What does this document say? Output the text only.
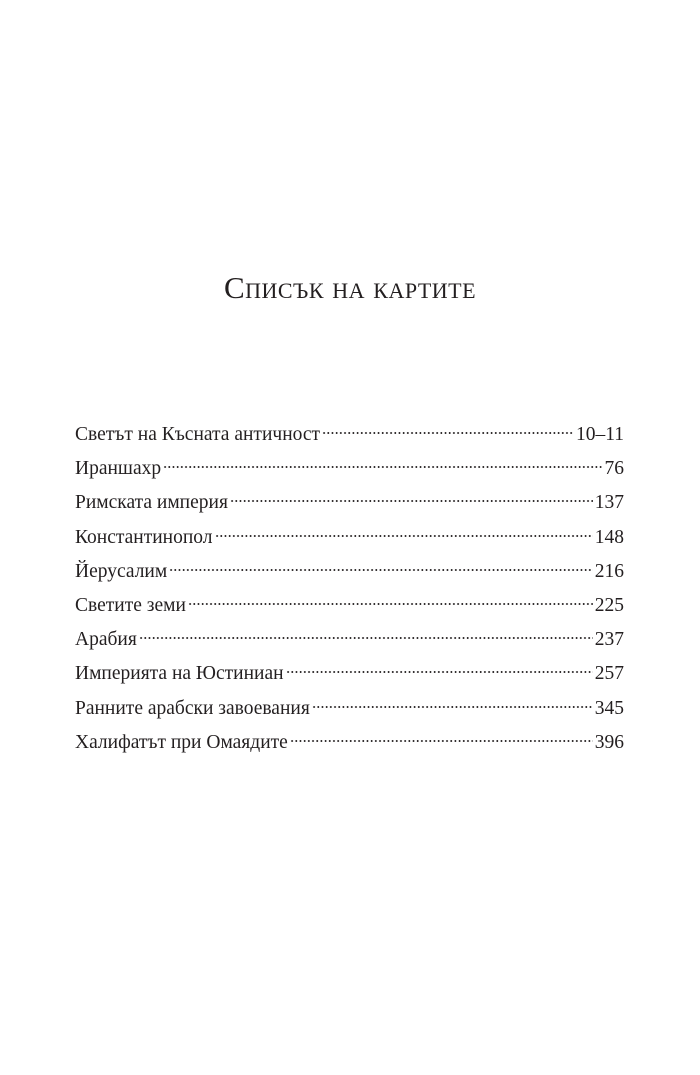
Списък на картите
Светът на Късната античност	10–11
Ираншахр	76
Римската империя	137
Константинопол	148
Йерусалим	216
Светите земи	225
Арабия	237
Империята на Юстиниан	257
Ранните арабски завоевания	345
Халифатът при Омаядите	396
